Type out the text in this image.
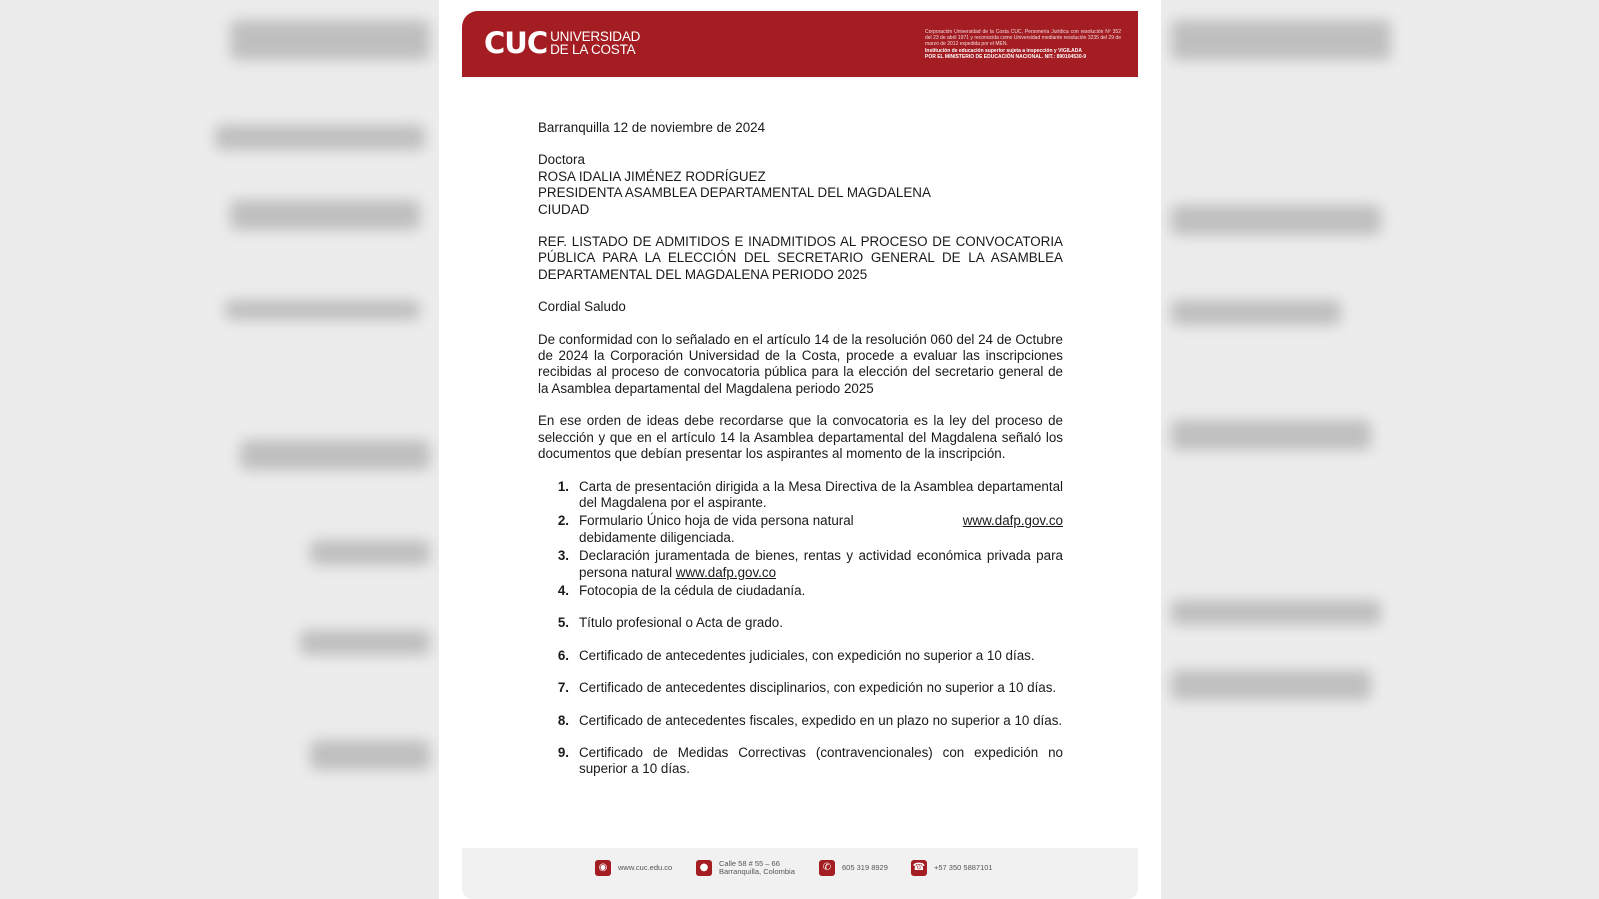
CUC UNIVERSIDAD
DE LA COSTA
Corporación Universidad de la Costa CUC, Personería Jurídica con resolución Nº 352 del 23 de abril 1971 y reconocida como Universidad mediante resolución 3235 del 29 de marzo de 2012 expedida por el MEN.
Institución de educación superior sujeta a inspección y VIGILADA
POR EL MINISTERIO DE EDUCACIÓN NACIONAL. NIT.: 890104530-9

Barranquilla 12 de noviembre de 2024

Doctora

ROSA IDALIA JIMÉNEZ RODRÍGUEZ

PRESIDENTA ASAMBLEA DEPARTAMENTAL DEL MAGDALENA

CIUDAD

REF. LISTADO DE ADMITIDOS E INADMITIDOS AL PROCESO DE CONVOCATORIA PÚBLICA PARA LA ELECCIÓN DEL SECRETARIO GENERAL DE LA ASAMBLEA DEPARTAMENTAL DEL MAGDALENA PERIODO 2025

Cordial Saludo

De conformidad con lo señalado en el artículo 14 de la resolución 060 del 24 de Octubre de 2024 la Corporación Universidad de la Costa, procede a evaluar las inscripciones recibidas al proceso de convocatoria pública para la elección del secretario general de la Asamblea departamental del Magdalena periodo 2025

En ese orden de ideas debe recordarse que la convocatoria es la ley del proceso de selección y que en el artículo 14 la Asamblea departamental del Magdalena señaló los documentos que debían presentar los aspirantes al momento de la inscripción.

1. Carta de presentación dirigida a la Mesa Directiva de la Asamblea departamental del Magdalena por el aspirante.
2. Formulario Único hoja de vida persona natural	www.dafp.gov.co
debidamente diligenciada.
3. Declaración juramentada de bienes, rentas y actividad económica privada para persona natural www.dafp.gov.co
4. Fotocopia de la cédula de ciudadanía.
5. Título profesional o Acta de grado.
6. Certificado de antecedentes judiciales, con expedición no superior a 10 días.
7. Certificado de antecedentes disciplinarios, con expedición no superior a 10 días.
8. Certificado de antecedentes fiscales, expedido en un plazo no superior a 10 días.
9. Certificado de Medidas Correctivas (contravencionales) con expedición no superior a 10 días.
◉	www.cuc.edu.co	●	Calle 58 # 55 – 66
Barranquilla, Colombia	✆	605 319 8929 ☎ +57 350 5887101
